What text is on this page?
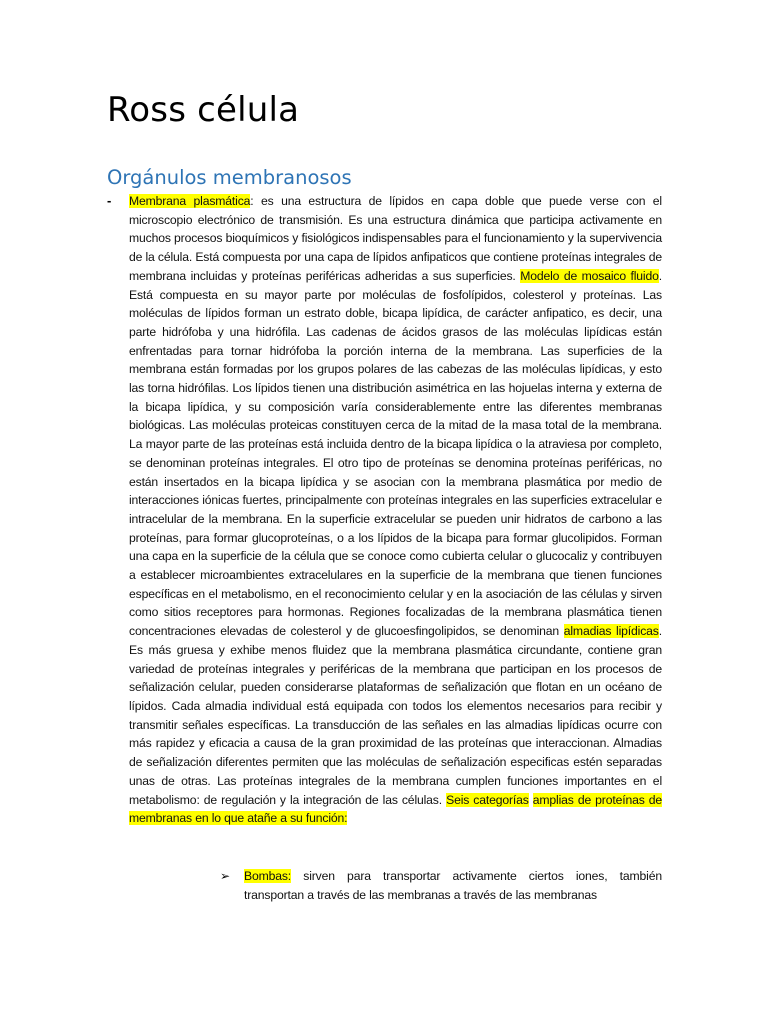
Ross célula
Orgánulos membranosos
- Membrana plasmática: es una estructura de lípidos en capa doble que puede verse con el microscopio electrónico de transmisión. Es una estructura dinámica que participa activamente en muchos procesos bioquímicos y fisiológicos indispensables para el funcionamiento y la supervivencia de la célula. Está compuesta por una capa de lípidos anfipaticos que contiene proteínas integrales de membrana incluidas y proteínas periféricas adheridas a sus superficies. Modelo de mosaico fluido. Está compuesta en su mayor parte por moléculas de fosfolípidos, colesterol y proteínas. Las moléculas de lípidos forman un estrato doble, bicapa lipídica, de carácter anfipatico, es decir, una parte hidrófoba y una hidrófila. Las cadenas de ácidos grasos de las moléculas lipídicas están enfrentadas para tornar hidrófoba la porción interna de la membrana. Las superficies de la membrana están formadas por los grupos polares de las cabezas de las moléculas lipídicas, y esto las torna hidrófilas. Los lípidos tienen una distribución asimétrica en las hojuelas interna y externa de la bicapa lipídica, y su composición varía considerablemente entre las diferentes membranas biológicas. Las moléculas proteicas constituyen cerca de la mitad de la masa total de la membrana. La mayor parte de las proteínas está incluida dentro de la bicapa lipídica o la atraviesa por completo, se denominan proteínas integrales. El otro tipo de proteínas se denomina proteínas periféricas, no están insertados en la bicapa lipídica y se asocian con la membrana plasmática por medio de interacciones iónicas fuertes, principalmente con proteínas integrales en las superficies extracelular e intracelular de la membrana. En la superficie extracelular se pueden unir hidratos de carbono a las proteínas, para formar glucoproteínas, o a los lípidos de la bicapa para formar glucolipidos. Forman una capa en la superficie de la célula que se conoce como cubierta celular o glucocaliz y contribuyen a establecer microambientes extracelulares en la superficie de la membrana que tienen funciones específicas en el metabolismo, en el reconocimiento celular y en la asociación de las células y sirven como sitios receptores para hormonas. Regiones focalizadas de la membrana plasmática tienen concentraciones elevadas de colesterol y de glucoesfingolipidos, se denominan almadias lipídicas. Es más gruesa y exhibe menos fluidez que la membrana plasmática circundante, contiene gran variedad de proteínas integrales y periféricas de la membrana que participan en los procesos de señalización celular, pueden considerarse plataformas de señalización que flotan en un océano de lípidos. Cada almadia individual está equipada con todos los elementos necesarios para recibir y transmitir señales específicas. La transducción de las señales en las almadias lipídicas ocurre con más rapidez y eficacia a causa de la gran proximidad de las proteínas que interaccionan. Almadias de señalización diferentes permiten que las moléculas de señalización especificas estén separadas unas de otras. Las proteínas integrales de la membrana cumplen funciones importantes en el metabolismo: de regulación y la integración de las células. Seis categorías amplias de proteínas de membranas en lo que atañe a su función:

➢ Bombas: sirven para transportar activamente ciertos iones, también transportan a través de las membranas a través de las membranas
